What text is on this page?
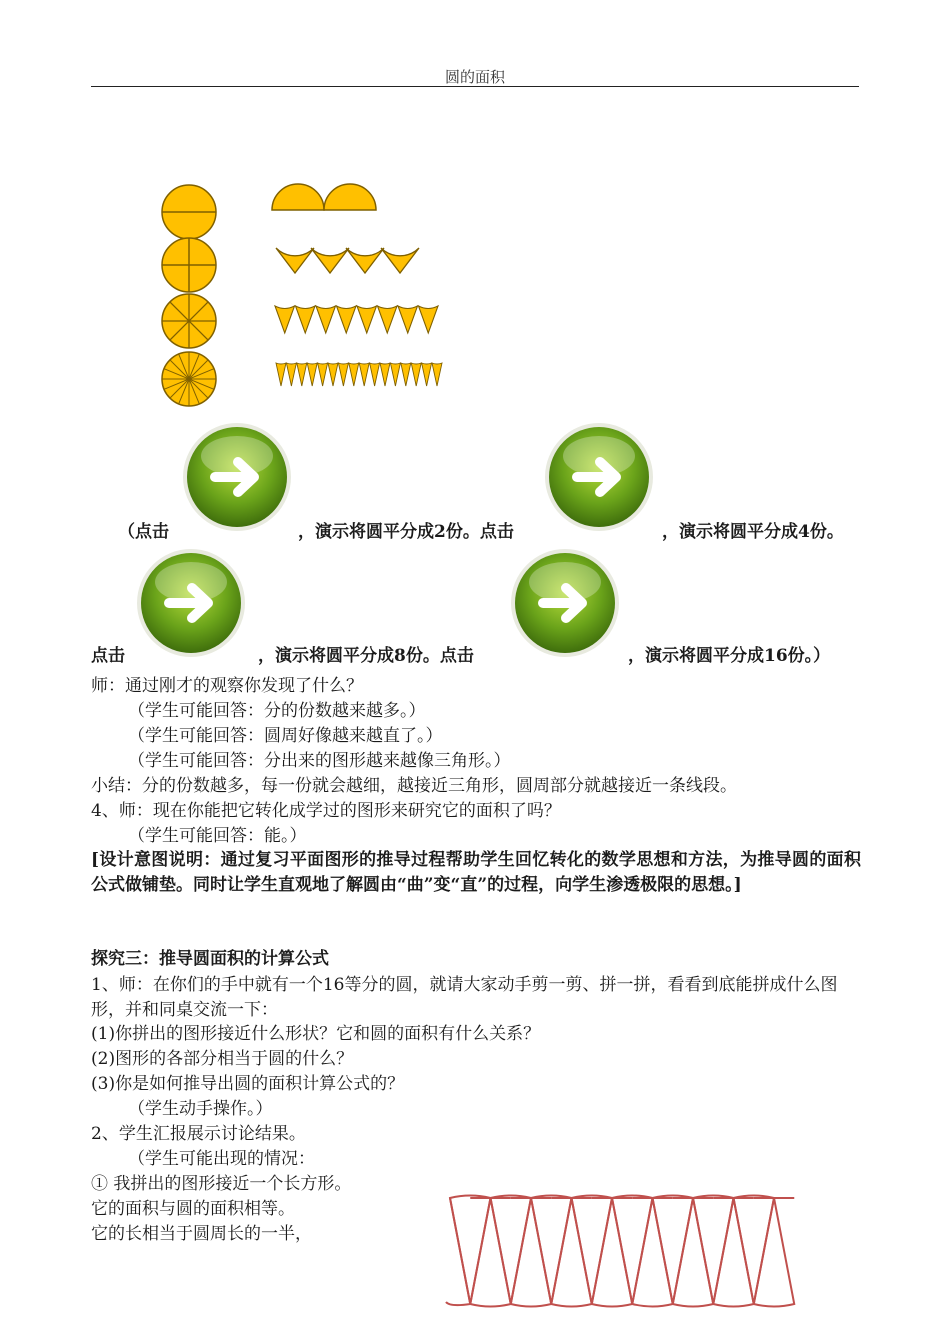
圆的面积
（点击	，演示将圆平分成2份。点击	，演示将圆平分成4份。
点击	，演示将圆平分成8份。点击	，演示将圆平分成16份。）
师：通过刚才的观察你发现了什么？
（学生可能回答：分的份数越来越多。）
（学生可能回答：圆周好像越来越直了。）
（学生可能回答：分出来的图形越来越像三角形。）
小结：分的份数越多，每一份就会越细，越接近三角形，圆周部分就越接近一条线段。
4、师：现在你能把它转化成学过的图形来研究它的面积了吗？
（学生可能回答：能。）
[设计意图说明：通过复习平面图形的推导过程帮助学生回忆转化的数学思想和方法，为推导圆的面积公式做铺垫。同时让学生直观地了解圆由“曲”变“直”的过程，向学生渗透极限的思想。]
探究三：推导圆面积的计算公式
1、师：在你们的手中就有一个16等分的圆，就请大家动手剪一剪、拼一拼，看看到底能拼成什么图形，并和同桌交流一下：
(1)你拼出的图形接近什么形状？它和圆的面积有什么关系？
(2)图形的各部分相当于圆的什么？
(3)你是如何推导出圆的面积计算公式的？
（学生动手操作。）
2、学生汇报展示讨论结果。
（学生可能出现的情况：
① 我拼出的图形接近一个长方形。
它的面积与圆的面积相等。
它的长相当于圆周长的一半，
